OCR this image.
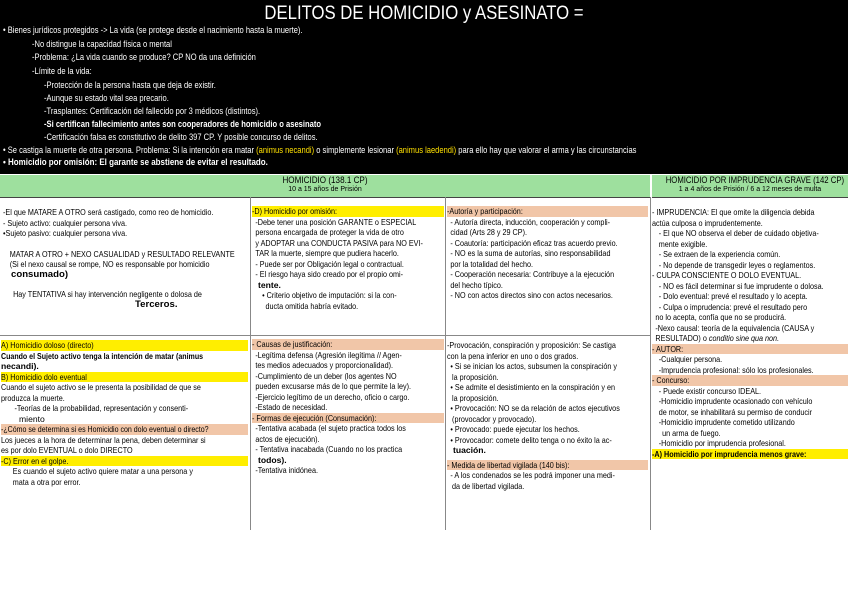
DELITOS DE HOMICIDIO y ASESINATO =
• Bienes jurídicos protegidos -> La vida (se protege desde el nacimiento hasta la muerte).
-No distingue la capacidad física o mental
-Problema: ¿La vida cuando se produce? CP NO da una definición
-Límite de la vida:
-Protección de la persona hasta que deja de existir.
-Aunque su estado vital sea precario.
-Trasplantes: Certificación del fallecido por 3 médicos (distintos).
-Si certifican fallecimiento antes son cooperadores de homicidio o asesinato
-Certificación falsa es constitutivo de delito 397 CP. Y posible concurso de delitos.
• Se castiga la muerte de otra persona. Problema: Si la intención era matar (animus necandi) o simplemente lesionar (animus laedendi) para ello hay que valorar el arma y las circunstancias
• Homicidio por omisión: El garante se abstiene de evitar el resultado.
HOMICIDIO (138.1 CP)
10 a 15 años de Prisión
HOMICIDIO POR IMPRUDENCIA GRAVE (142 CP)
1 a 4 años de Prisión / 6 a 12 meses de multa
-El que MATARE A OTRO será castigado, como reo de homicidio.
- Sujeto activo: cualquier persona viva.
•Sujeto pasivo: cualquier persona viva.
MATAR A OTRO + NEXO CASUALIDAD y RESULTADO RELEVANTE
(Si el nexo causal se rompe, NO es responsable por homicidio
consumado)
Hay TENTATIVA si hay intervención negligente o dolosa de
Terceros.
A) Homicidio doloso (directo)
Cuando el Sujeto activo tenga la intención de matar (animus
necandi).
B) Homicidio dolo eventual
Cuando el sujeto activo se le presenta la posibilidad de que se
produzca la muerte.
-Teorías de la probabilidad, representación y consenti-
miento
-¿Cómo se determina si es Homicidio con dolo eventual o directo?
Los jueces a la hora de determinar la pena, deben determinar si
es por dolo EVENTUAL o dolo DIRECTO
-C) Error en el golpe.
Es cuando el sujeto activo quiere matar a una persona y
mata a otra por error.
-D) Homicidio por omisión:
-Debe tener una posición GARANTE o ESPECIAL
persona encargada de proteger la vida de otro
y ADOPTAR una CONDUCTA PASIVA para NO EVI-
TAR la muerte, siempre que pudiera hacerlo.
- Puede ser por Obligación legal o contractual.
- El riesgo haya sido creado por el propio omi-
tente.
• Criterio objetivo de imputación: si la con-
ducta omitida habría evitado.
- Causas de justificación:
-Legítima defensa (Agresión ilegítima // Agen-
tes medios adecuados y proporcionalidad).
-Cumplimiento de un deber (los agentes NO
pueden excusarse más de lo que permite la ley).
-Ejercicio legítimo de un derecho, oficio o cargo.
-Estado de necesidad.
- Formas de ejecución (Consumación):
-Tentativa acabada (el sujeto practica todos los
actos de ejecución).
- Tentativa inacabada (Cuando no los practica
todos).
-Tentativa inidónea.
-Autoría y participación:
- Autoría directa, inducción, cooperación y compli-
cidad (Arts 28 y 29 CP).
- Coautoría: participación eficaz tras acuerdo previo.
- NO es la suma de autorías, sino responsabilidad
por la totalidad del hecho.
- Cooperación necesaria: Contribuye a la ejecución
del hecho típico.
- NO con actos directos sino con actos necesarios.
-Provocación, conspiración y proposición: Se castiga
con la pena inferior en uno o dos grados.
• Si se inician los actos, subsumen la conspiración y
la proposición.
• Se admite el desistimiento en la conspiración y en
la proposición.
• Provocación: NO se da relación de actos ejecutivos
(provocador y provocado).
• Provocado: puede ejecutar los hechos.
• Provocador: comete delito tenga o no éxito la ac-
tuación.
- Medida de libertad vigilada (140 bis):
- A los condenados se les podrá imponer una medi-
da de libertad vigilada.
- IMPRUDENCIA: El que omite la diligencia debida
actúa culposa o imprudentemente.
- El que NO observa el deber de cuidado objetiva-
mente exigible.
- Se extraen de la experiencia común.
- No depende de transgedir leyes o reglamentos.
- CULPA CONSCIENTE O DOLO EVENTUAL.
- NO es fácil determinar si fue imprudente o dolosa.
- Dolo eventual: prevé el resultado y lo acepta.
- Culpa o imprudencia: prevé el resultado pero
no lo acepta, confía que no se producirá.
-Nexo causal: teoría de la equivalencia (CAUSA y
RESULTADO) o conditio sine qua non.
- AUTOR:
-Cualquier persona.
-Imprudencia profesional: sólo los profesionales.
- Concurso:
- Puede existir concurso IDEAL.
-Homicidio imprudente ocasionado con vehículo
de motor, se inhabilitará su permiso de conducir
-Homicidio imprudente cometido utilizando
un arma de fuego.
-Homicidio por imprudencia profesional.
-A) Homicidio por imprudencia menos grave:
